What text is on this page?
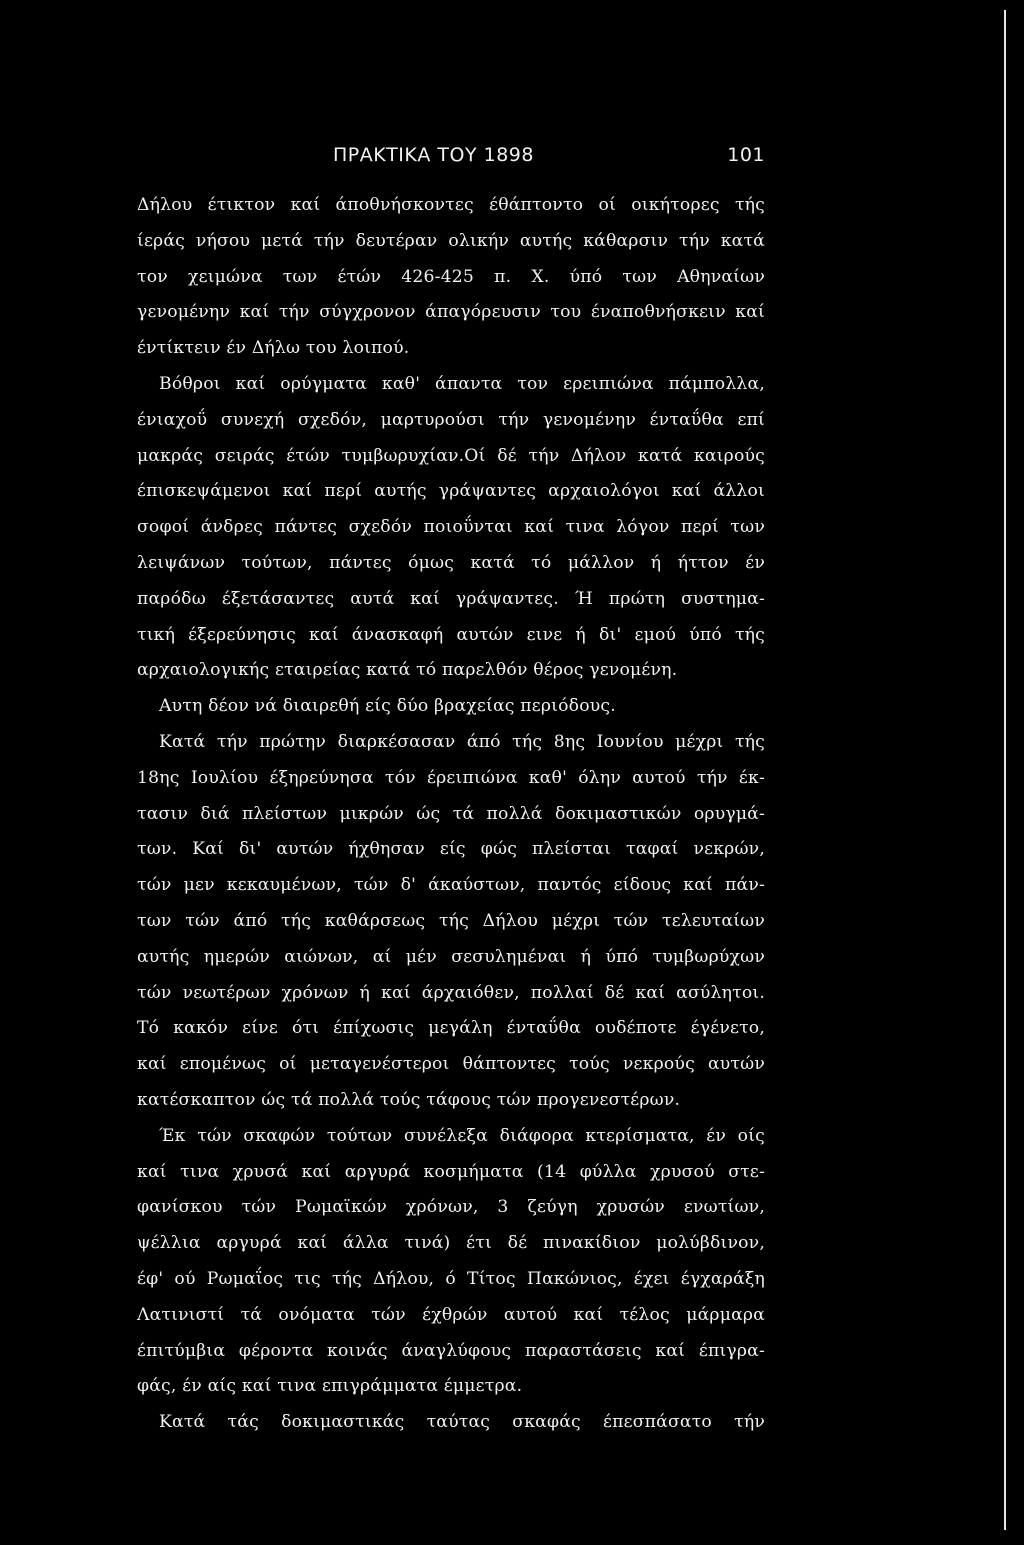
ΠΡΑΚΤΙΚΑ ΤΟΥ 1898	101
Δήλου έτικτον καί άποθνήσκοντες έθάπτοντο οί οικήτορες τής
ίεράς νήσου μετά τήν δευτέραν ολικήν αυτής κάθαρσιν τήν κατά
τον χειμώνα των έτών 426-425 π. Χ. ύπό των Αθηναίων
γενομένην καί τήν σύγχρονον άπαγόρευσιν του έναποθνήσκειν καί
έντίκτειν έν Δήλω του λοιπού.
Βόθροι καί ορύγματα καθ' άπαντα τον ερειπιώνα πάμπολλα,
ένιαχοΰ συνεχή σχεδόν, μαρτυρούσι τήν γενομένην ένταΰθα επί
μακράς σειράς έτών τυμβωρυχίαν.Οί δέ τήν Δήλον κατά καιρούς
έπισκεψάμενοι καί περί αυτής γράψαντες αρχαιολόγοι καί άλλοι
σοφοί άνδρες πάντες σχεδόν ποιοΰνται καί τινα λόγον περί των
λειψάνων τούτων, πάντες όμως κατά τό μάλλον ή ήττον έν
παρόδω έξετάσαντες αυτά καί γράψαντες. Ή πρώτη συστημα-
τική έξερεύνησις καί άνασκαφή αυτών εινε ή δι' εμού ύπό τής
αρχαιολογικής εταιρείας κατά τό παρελθόν θέρος γενομένη.
Αυτη δέον νά διαιρεθή είς δύο βραχείας περιόδους.
Κατά τήν πρώτην διαρκέσασαν άπό τής 8ης Ιουνίου μέχρι τής
18ης Ιουλίου έξηρεύνησα τόν έρειπιώνα καθ' όλην αυτού τήν έκ-
τασιν διά πλείστων μικρών ώς τά πολλά δοκιμαστικών ορυγμά-
των. Καί δι' αυτών ήχθησαν είς φώς πλείσται ταφαί νεκρών,
τών μεν κεκαυμένων, τών δ' άκαύστων, παντός είδους καί πάν-
των τών άπό τής καθάρσεως τής Δήλου μέχρι τών τελευταίων
αυτής ημερών αιώνων, αί μέν σεσυλημέναι ή ύπό τυμβωρύχων
τών νεωτέρων χρόνων ή καί άρχαιόθεν, πολλαί δέ καί ασύλητοι.
Τό κακόν είνε ότι έπίχωσις μεγάλη ένταΰθα ουδέποτε έγένετο,
καί επομένως οί μεταγενέστεροι θάπτοντες τούς νεκρούς αυτών
κατέσκαπτον ώς τά πολλά τούς τάφους τών προγενεστέρων.
Έκ τών σκαφών τούτων συνέλεξα διάφορα κτερίσματα, έν οίς
καί τινα χρυσά καί αργυρά κοσμήματα (14 φύλλα χρυσού στε-
φανίσκου τών Ρωμαϊκών χρόνων, 3 ζεύγη χρυσών ενωτίων,
ψέλλια αργυρά καί άλλα τινά) έτι δέ πινακίδιον μολύβδινον,
έφ' ού Ρωμαΐος τις τής Δήλου, ό Τίτος Πακώνιος, έχει έγχαράξη
Λατινιστί τά ονόματα τών έχθρών αυτού καί τέλος μάρμαρα
έπιτύμβια φέροντα κοινάς άναγλύφους παραστάσεις καί έπιγρα-
φάς, έν αίς καί τινα επιγράμματα έμμετρα.
Κατά τάς δοκιμαστικάς ταύτας σκαφάς έπεσπάσατο τήν
